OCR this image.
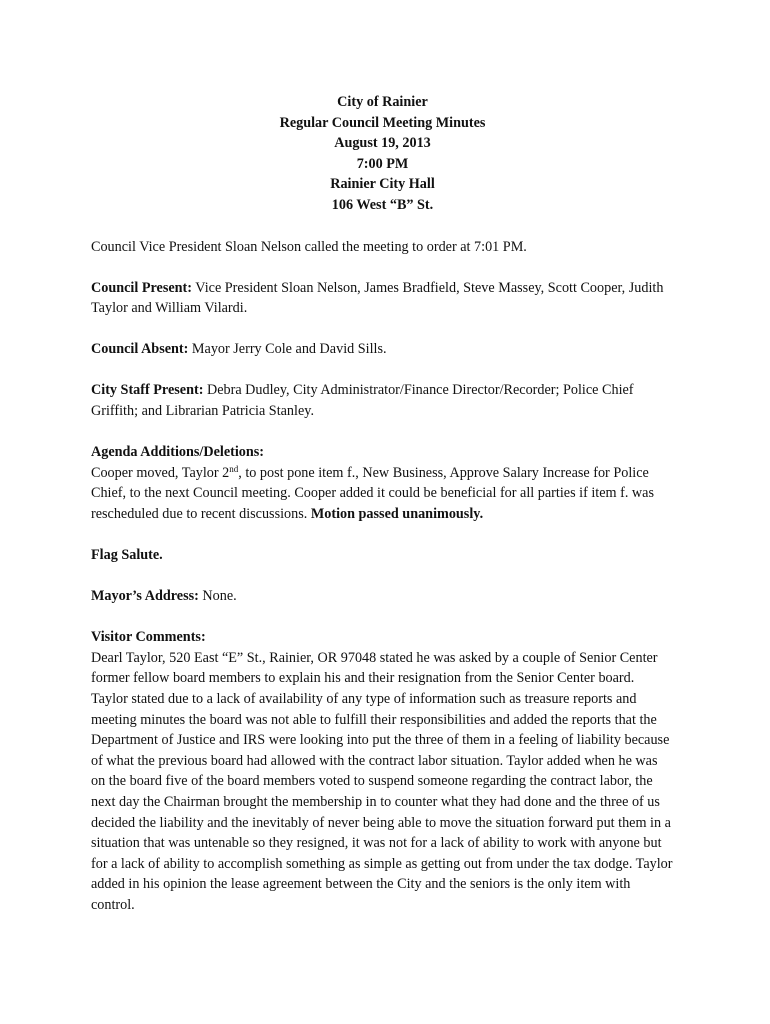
City of Rainier
Regular Council Meeting Minutes
August 19, 2013
7:00 PM
Rainier City Hall
106 West “B” St.

Council Vice President Sloan Nelson called the meeting to order at 7:01 PM.

Council Present: Vice President Sloan Nelson, James Bradfield, Steve Massey, Scott Cooper, Judith Taylor and William Vilardi.

Council Absent: Mayor Jerry Cole and David Sills.

City Staff Present: Debra Dudley, City Administrator/Finance Director/Recorder; Police Chief Griffith; and Librarian Patricia Stanley.

Agenda Additions/Deletions:
Cooper moved, Taylor 2nd, to post pone item f., New Business, Approve Salary Increase for Police Chief, to the next Council meeting. Cooper added it could be beneficial for all parties if item f. was rescheduled due to recent discussions. Motion passed unanimously.

Flag Salute.

Mayor’s Address: None.

Visitor Comments:
Dearl Taylor, 520 East “E” St., Rainier, OR 97048 stated he was asked by a couple of Senior Center former fellow board members to explain his and their resignation from the Senior Center board. Taylor stated due to a lack of availability of any type of information such as treasure reports and meeting minutes the board was not able to fulfill their responsibilities and added the reports that the Department of Justice and IRS were looking into put the three of them in a feeling of liability because of what the previous board had allowed with the contract labor situation. Taylor added when he was on the board five of the board members voted to suspend someone regarding the contract labor, the next day the Chairman brought the membership in to counter what they had done and the three of us decided the liability and the inevitably of never being able to move the situation forward put them in a situation that was untenable so they resigned, it was not for a lack of ability to work with anyone but for a lack of ability to accomplish something as simple as getting out from under the tax dodge. Taylor added in his opinion the lease agreement between the City and the seniors is the only item with control.
